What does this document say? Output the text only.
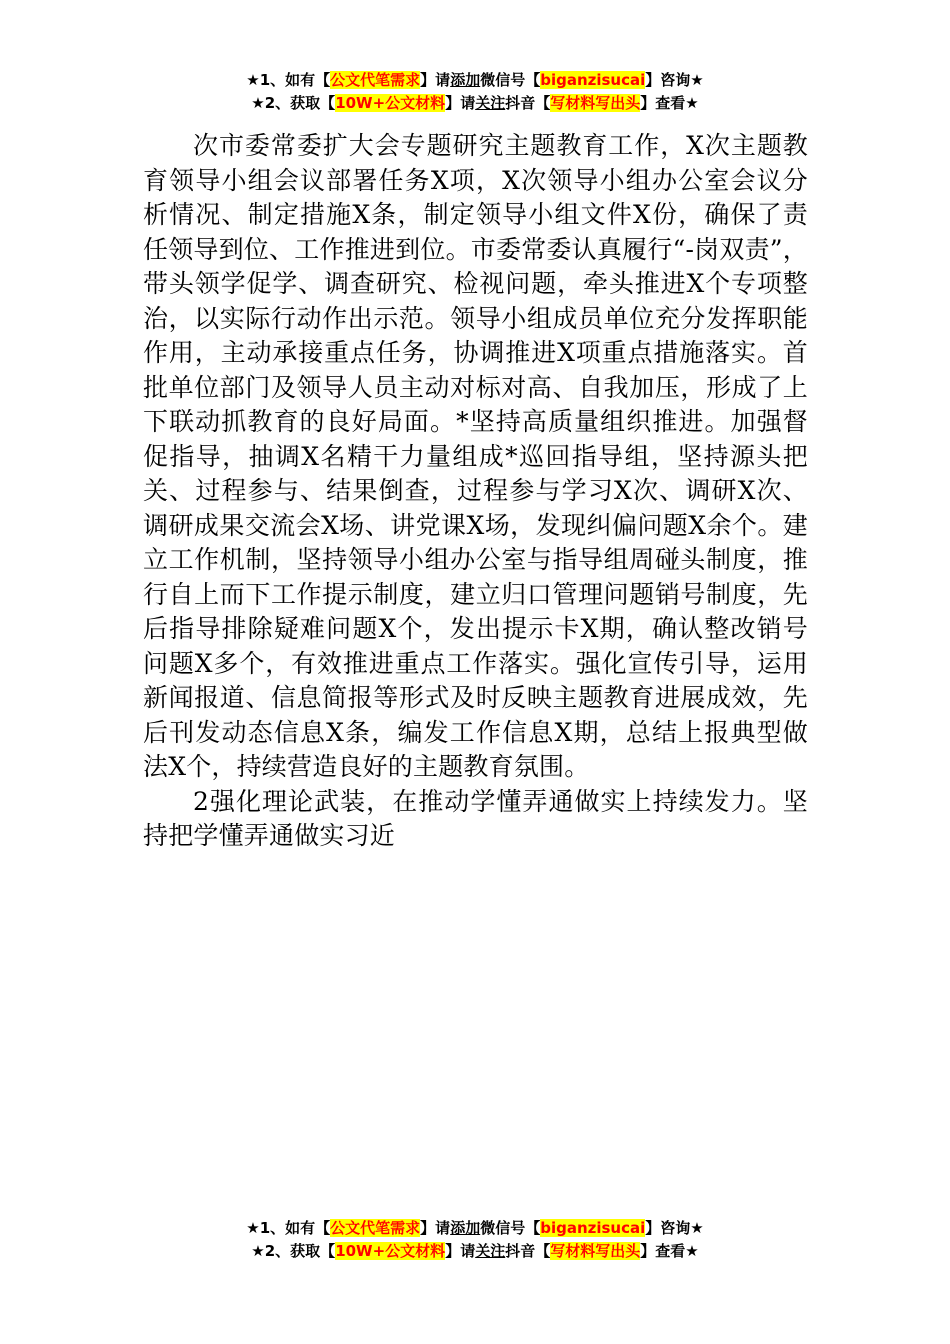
★1、如有【公文代笔需求】请添加微信号【biganzisucai】咨询★
★2、获取【10W+公文材料】请关注抖音【写材料写出头】查看★

次市委常委扩大会专题研究主题教育工作，X次主题教育领导小组会议部署任务X项，X次领导小组办公室会议分析情况、制定措施X条，制定领导小组文件X份，确保了责任领导到位、工作推进到位。市委常委认真履行“-岗双责”，带头领学促学、调查研究、检视问题，牵头推进X个专项整治，以实际行动作出示范。领导小组成员单位充分发挥职能作用，主动承接重点任务，协调推进X项重点措施落实。首批单位部门及领导人员主动对标对高、自我加压，形成了上下联动抓教育的良好局面。*坚持高质量组织推进。加强督促指导，抽调X名精干力量组成*巡回指导组，坚持源头把关、过程参与、结果倒查，过程参与学习X次、调研X次、调研成果交流会X场、讲党课X场，发现纠偏问题X余个。建立工作机制，坚持领导小组办公室与指导组周碰头制度，推行自上而下工作提示制度，建立归口管理问题销号制度，先后指导排除疑难问题X个，发出提示卡X期，确认整改销号问题X多个，有效推进重点工作落实。强化宣传引导，运用新闻报道、信息简报等形式及时反映主题教育进展成效，先后刊发动态信息X条，编发工作信息X期，总结上报典型做法X个，持续营造良好的主题教育氛围。

2强化理论武装，在推动学懂弄通做实上持续发力。坚持把学懂弄通做实习近

★1、如有【公文代笔需求】请添加微信号【biganzisucai】咨询★
★2、获取【10W+公文材料】请关注抖音【写材料写出头】查看★
